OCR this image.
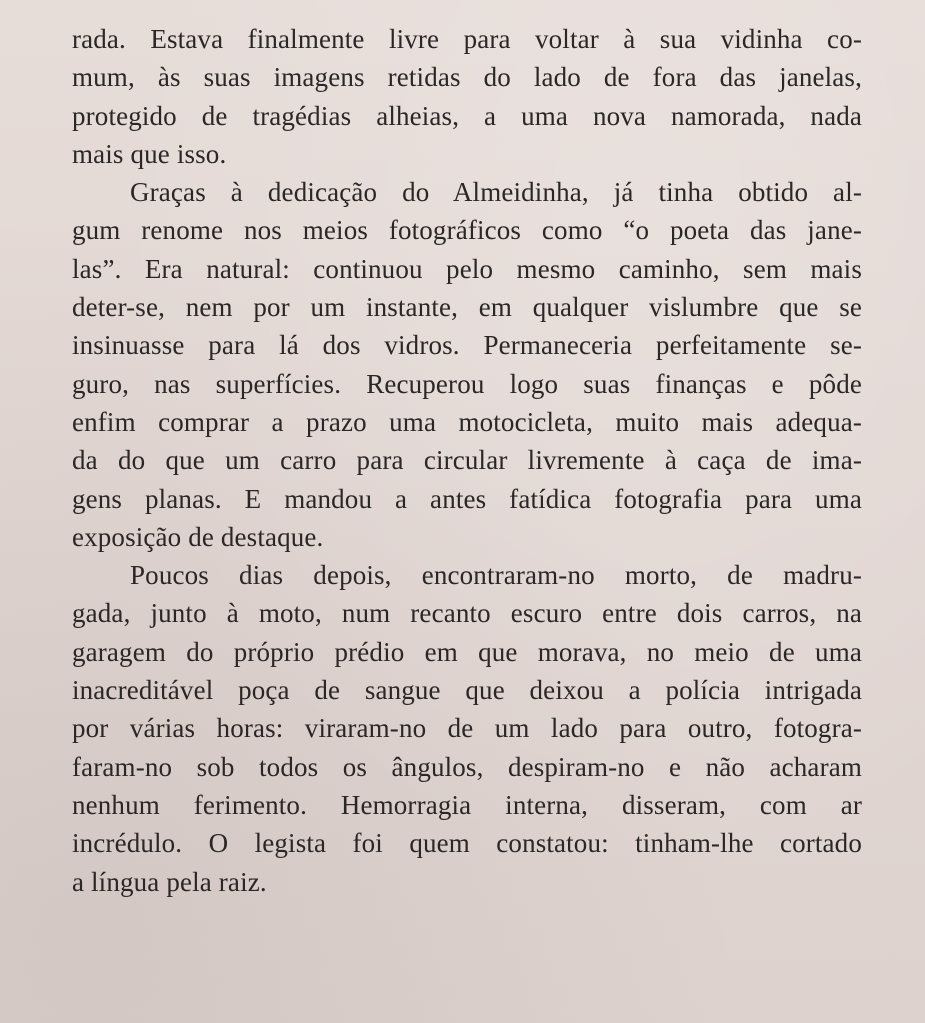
rada. Estava finalmente livre para voltar à sua vidinha co-
mum, às suas imagens retidas do lado de fora das janelas,
protegido de tragédias alheias, a uma nova namorada, nada
mais que isso.
Graças à dedicação do Almeidinha, já tinha obtido al-
gum renome nos meios fotográficos como “o poeta das jane-
las”. Era natural: continuou pelo mesmo caminho, sem mais
deter-se, nem por um instante, em qualquer vislumbre que se
insinuasse para lá dos vidros. Permaneceria perfeitamente se-
guro, nas superfícies. Recuperou logo suas finanças e pôde
enfim comprar a prazo uma motocicleta, muito mais adequa-
da do que um carro para circular livremente à caça de ima-
gens planas. E mandou a antes fatídica fotografia para uma
exposição de destaque.
Poucos dias depois, encontraram-no morto, de madru-
gada, junto à moto, num recanto escuro entre dois carros, na
garagem do próprio prédio em que morava, no meio de uma
inacreditável poça de sangue que deixou a polícia intrigada
por várias horas: viraram-no de um lado para outro, fotogra-
faram-no sob todos os ângulos, despiram-no e não acharam
nenhum ferimento. Hemorragia interna, disseram, com ar
incrédulo. O legista foi quem constatou: tinham-lhe cortado
a língua pela raiz.
